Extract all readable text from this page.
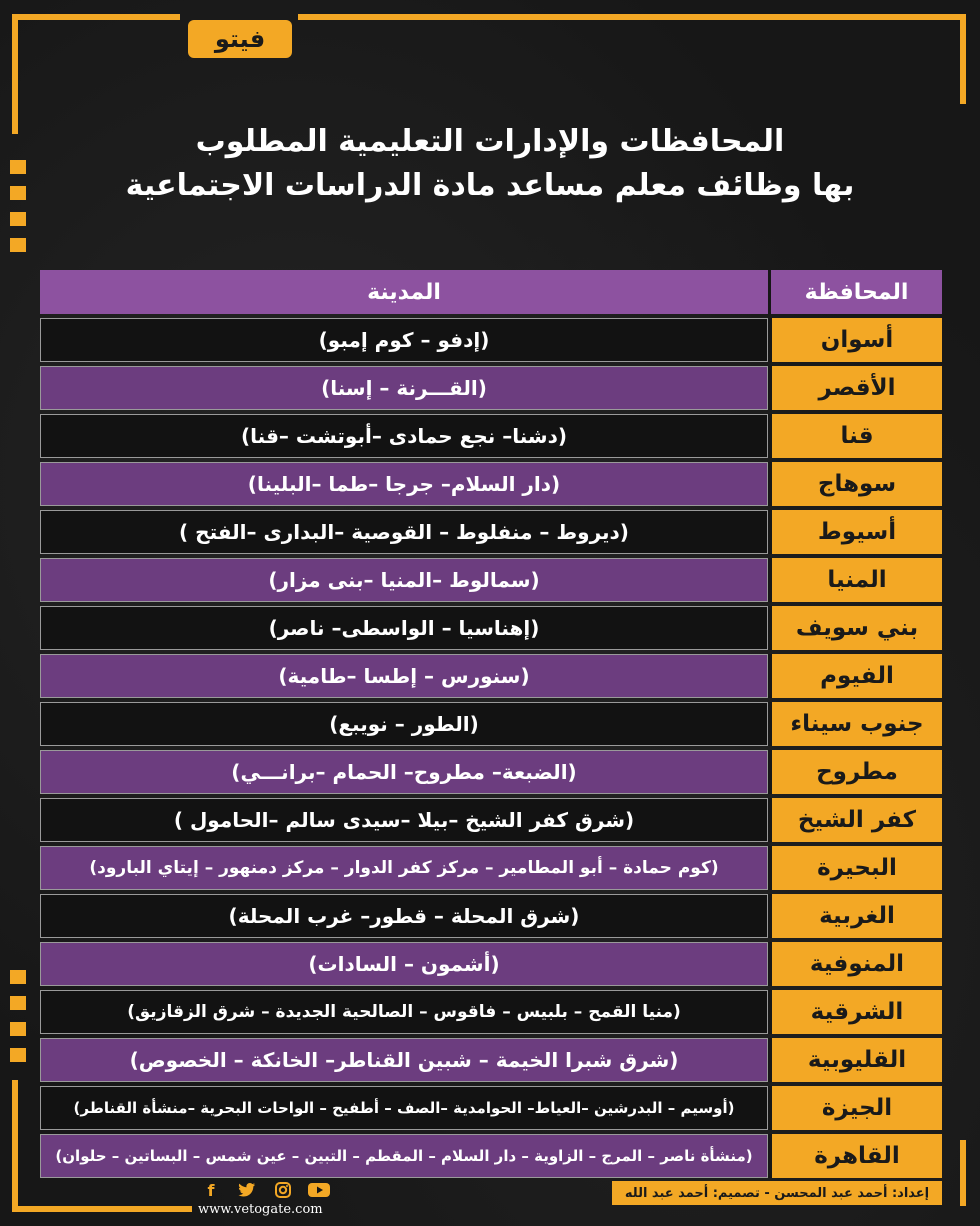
فيتو
المحافظات والإدارات التعليمية المطلوب
بها وظائف معلم مساعد مادة الدراسات الاجتماعية
المحافظة	المدينة
أسوان	(إدفو – كوم إمبو)
الأقصر	(القـــرنة – إسنا)
قنا	(دشنا– نجع حمادى –أبوتشت –قنا)
سوهاج	(دار السلام– جرجا –طما –البلينا)
أسيوط	(ديروط – منفلوط – القوصية –البدارى –الفتح )
المنيا	(سمالوط –المنيا –بنى مزار)
بني سويف	(إهناسيا – الواسطى– ناصر)
الفيوم	(سنورس – إطسا –طامية)
جنوب سيناء	(الطور – نويبع)
مطروح	(الضبعة– مطروح– الحمام –برانـــي)
كفر الشيخ	(شرق كفر الشيخ –بيلا –سيدى سالم –الحامول )
البحيرة	(كوم حمادة – أبو المطامير – مركز كفر الدوار – مركز دمنهور – إيتاي البارود)
الغربية	(شرق المحلة – قطور– غرب المحلة)
المنوفية	(أشمون – السادات)
الشرقية	(منيا القمح – بلبيس – فاقوس – الصالحية الجديدة – شرق الزقازيق)
القليوبية	(شرق شبرا الخيمة – شبين القناطر– الخانكة – الخصوص)
الجيزة	(أوسيم – البدرشين –العياط– الحوامدية –الصف – أطفيح – الواحات البحرية –منشأة القناطر)
القاهرة	(منشأة ناصر – المرج – الزاوية – دار السلام – المقطم – التبين – عين شمس – البساتين – حلوان)
إعداد: أحمد عبد المحسن - تصميم: أحمد عبد الله
f
www.vetogate.com
